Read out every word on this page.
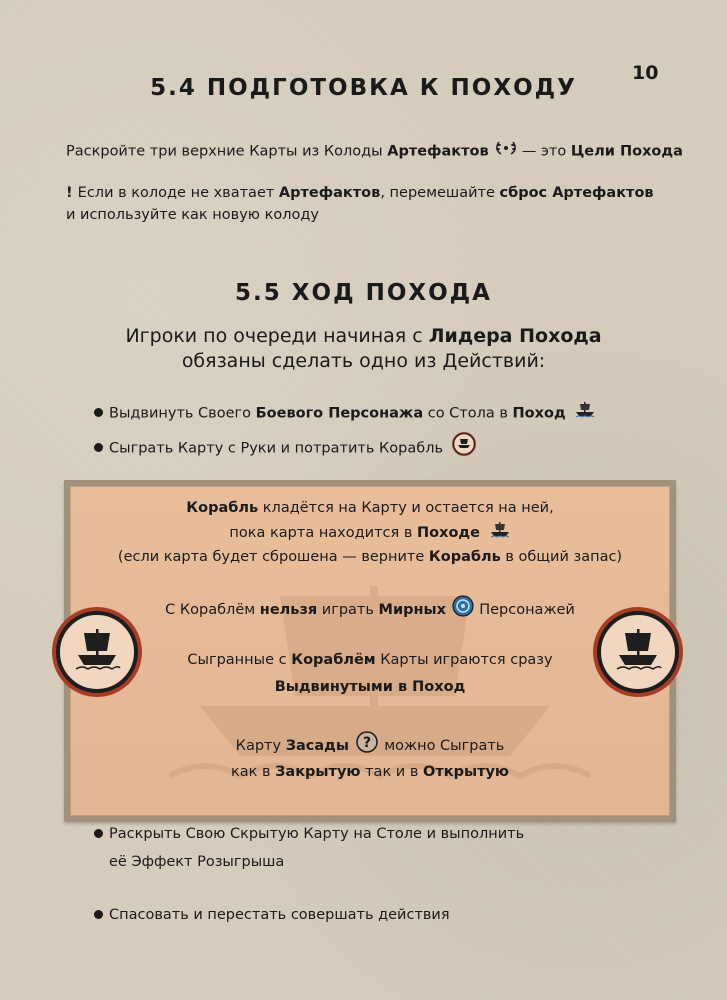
10
5.4 ПОДГОТОВКА К ПОХОДУ
Раскройте три верхние Карты из Колоды Артефактов  — это Цели Похода
! Если в колоде не хватает Артефактов, перемешайте сброс Артефактов
и используйте как новую колоду
5.5 ХОД ПОХОДА
Игроки по очереди начиная с Лидера Похода
обязаны сделать одно из Действий:
Выдвинуть Своего Боевого Персонажа со Стола в Поход
Сыграть Карту с Руки и потратить Корабль
Корабль кладётся на Карту и остается на ней,
пока карта находится в Походе
(если карта будет сброшена — верните Корабль в общий запас)
С Кораблём нельзя играть Мирных  Персонажей
Сыгранные с Кораблём Карты играются сразу
Выдвинутыми в Поход
Карту Засады ? можно Сыграть
как в Закрытую так и в Открытую
Раскрыть Свою Скрытую Карту на Столе и выполнить
её Эффект Розыгрыша
Спасовать и перестать совершать действия
